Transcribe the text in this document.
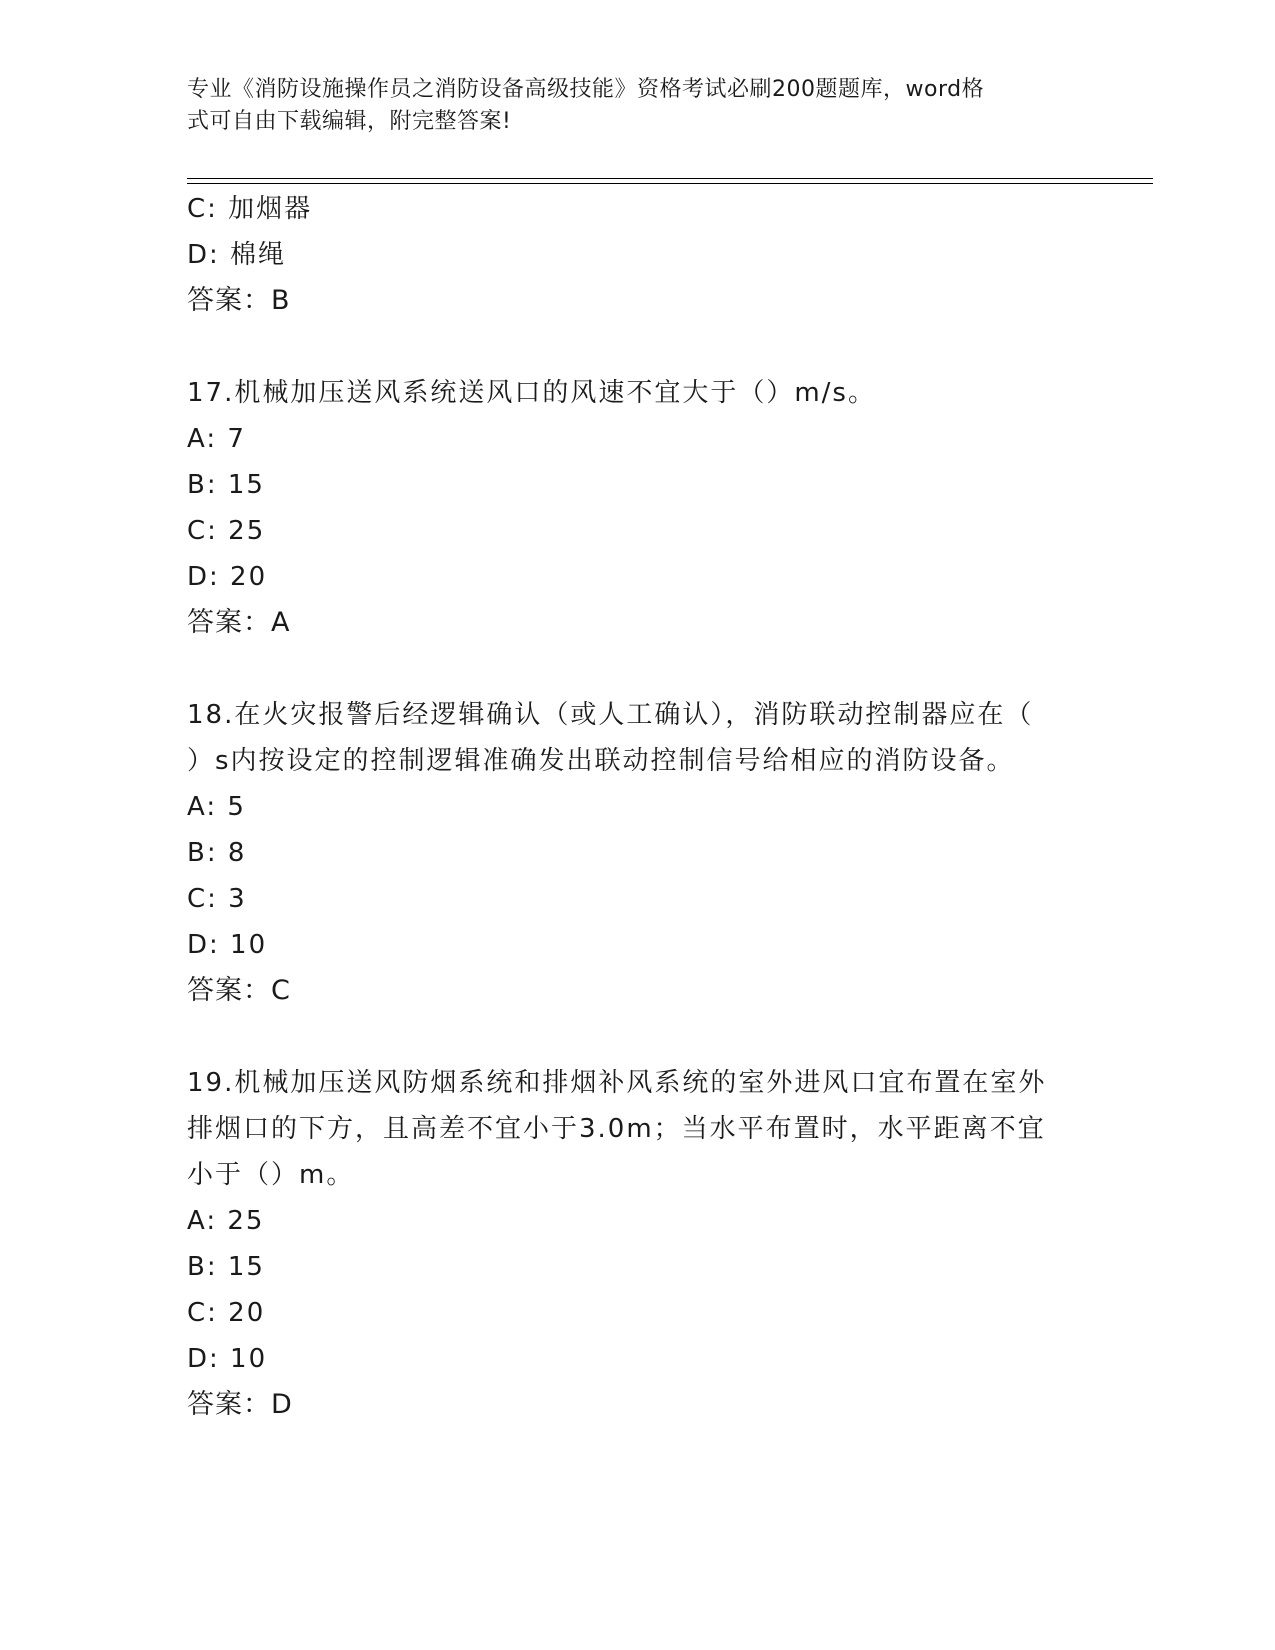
专业《消防设施操作员之消防设备高级技能》资格考试必刷200题题库，word格
式可自由下载编辑，附完整答案!
C: 加烟器
D: 棉绳
答案：B
17.机械加压送风系统送风口的风速不宜大于（）m/s。
A: 7
B: 15
C: 25
D: 20
答案：A
18.在火灾报警后经逻辑确认（或人工确认），消防联动控制器应在（
）s内按设定的控制逻辑准确发出联动控制信号给相应的消防设备。
A: 5
B: 8
C: 3
D: 10
答案：C
19.机械加压送风防烟系统和排烟补风系统的室外进风口宜布置在室外
排烟口的下方，且高差不宜小于3.0m；当水平布置时，水平距离不宜
小于（）m。
A: 25
B: 15
C: 20
D: 10
答案：D
